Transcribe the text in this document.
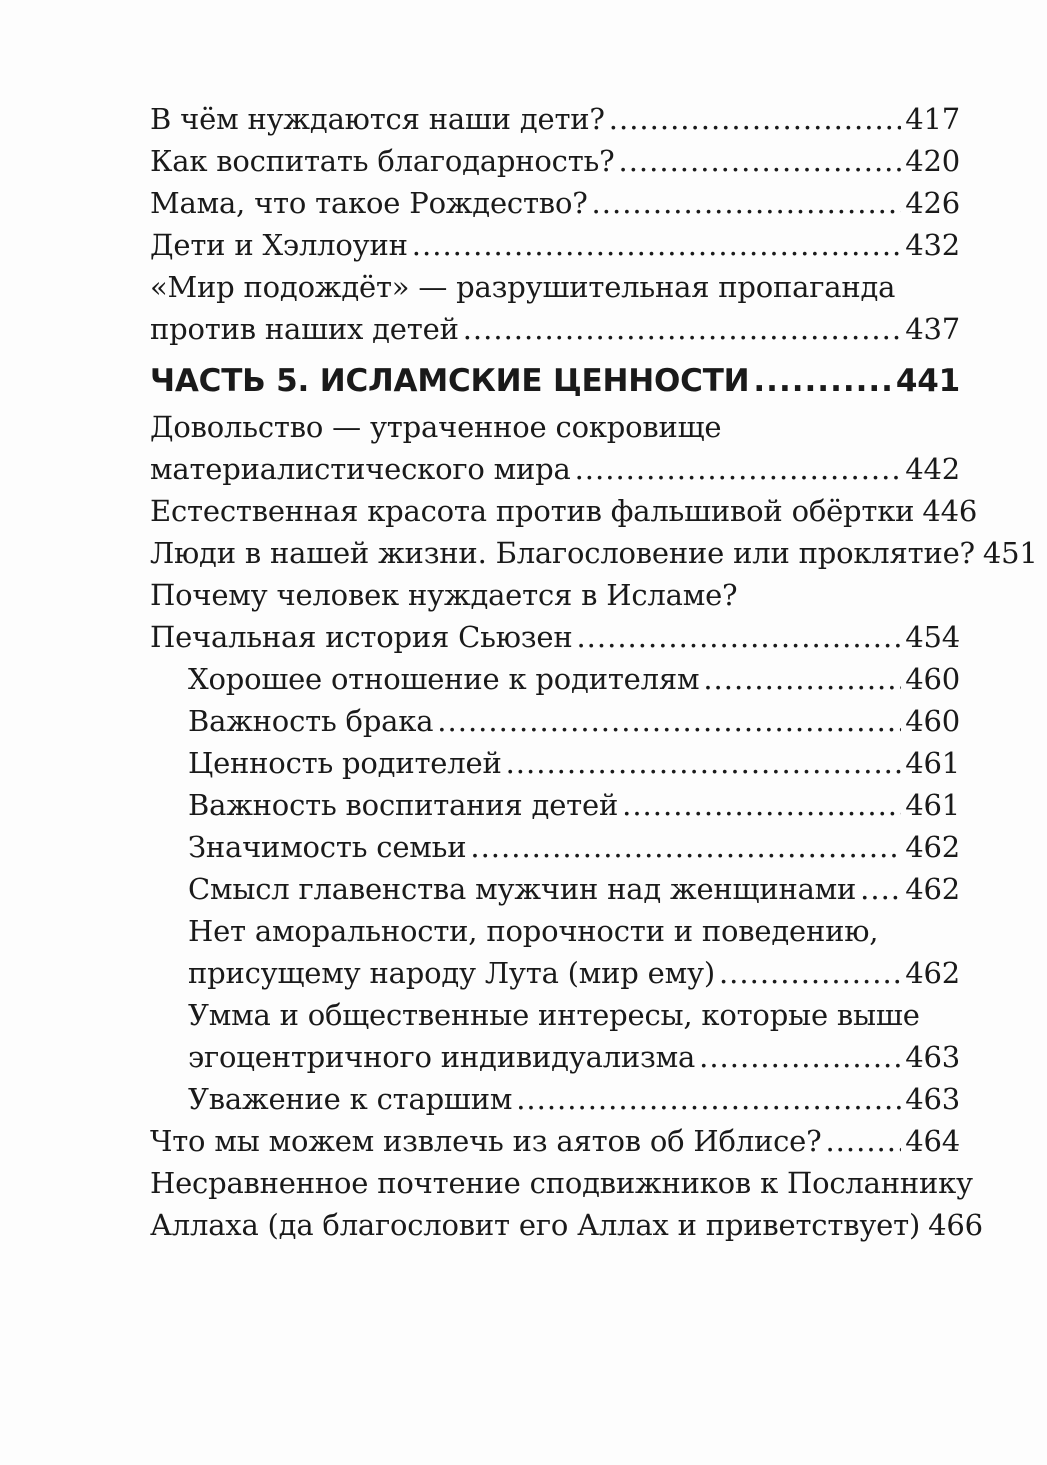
В чём нуждаются наши дети? .....	417
Как воспитать благодарность? .....	420
Мама, что такое Рождество? .....	426
Дети и Хэллоуин .....	432
«Мир подождёт» — разрушительная пропаганда
против наших детей .....	437
ЧАСТЬ 5. ИСЛАМСКИЕ ЦЕННОСТИ .....	441
Довольство — утраченное сокровище
материалистического мира .....	442
Естественная красота против фальшивой обёртки 446
Люди в нашей жизни. Благословение или проклятие? 451
Почему человек нуждается в Исламе?
Печальная история Сьюзен .....	454
Хорошее отношение к родителям .....	460
Важность брака .....	460
Ценность родителей .....	461
Важность воспитания детей .....	461
Значимость семьи .....	462
Смысл главенства мужчин над женщинами ..... 462
Нет аморальности, порочности и поведению,
присущему народу Лута (мир ему) .....	462
Умма и общественные интересы, которые выше
эгоцентричного индивидуализма .....	463
Уважение к старшим .....	463
Что мы можем извлечь из аятов об Иблисе? .....	464
Несравненное почтение сподвижников к Посланнику
Аллаха (да благословит его Аллах и приветствует) 466
